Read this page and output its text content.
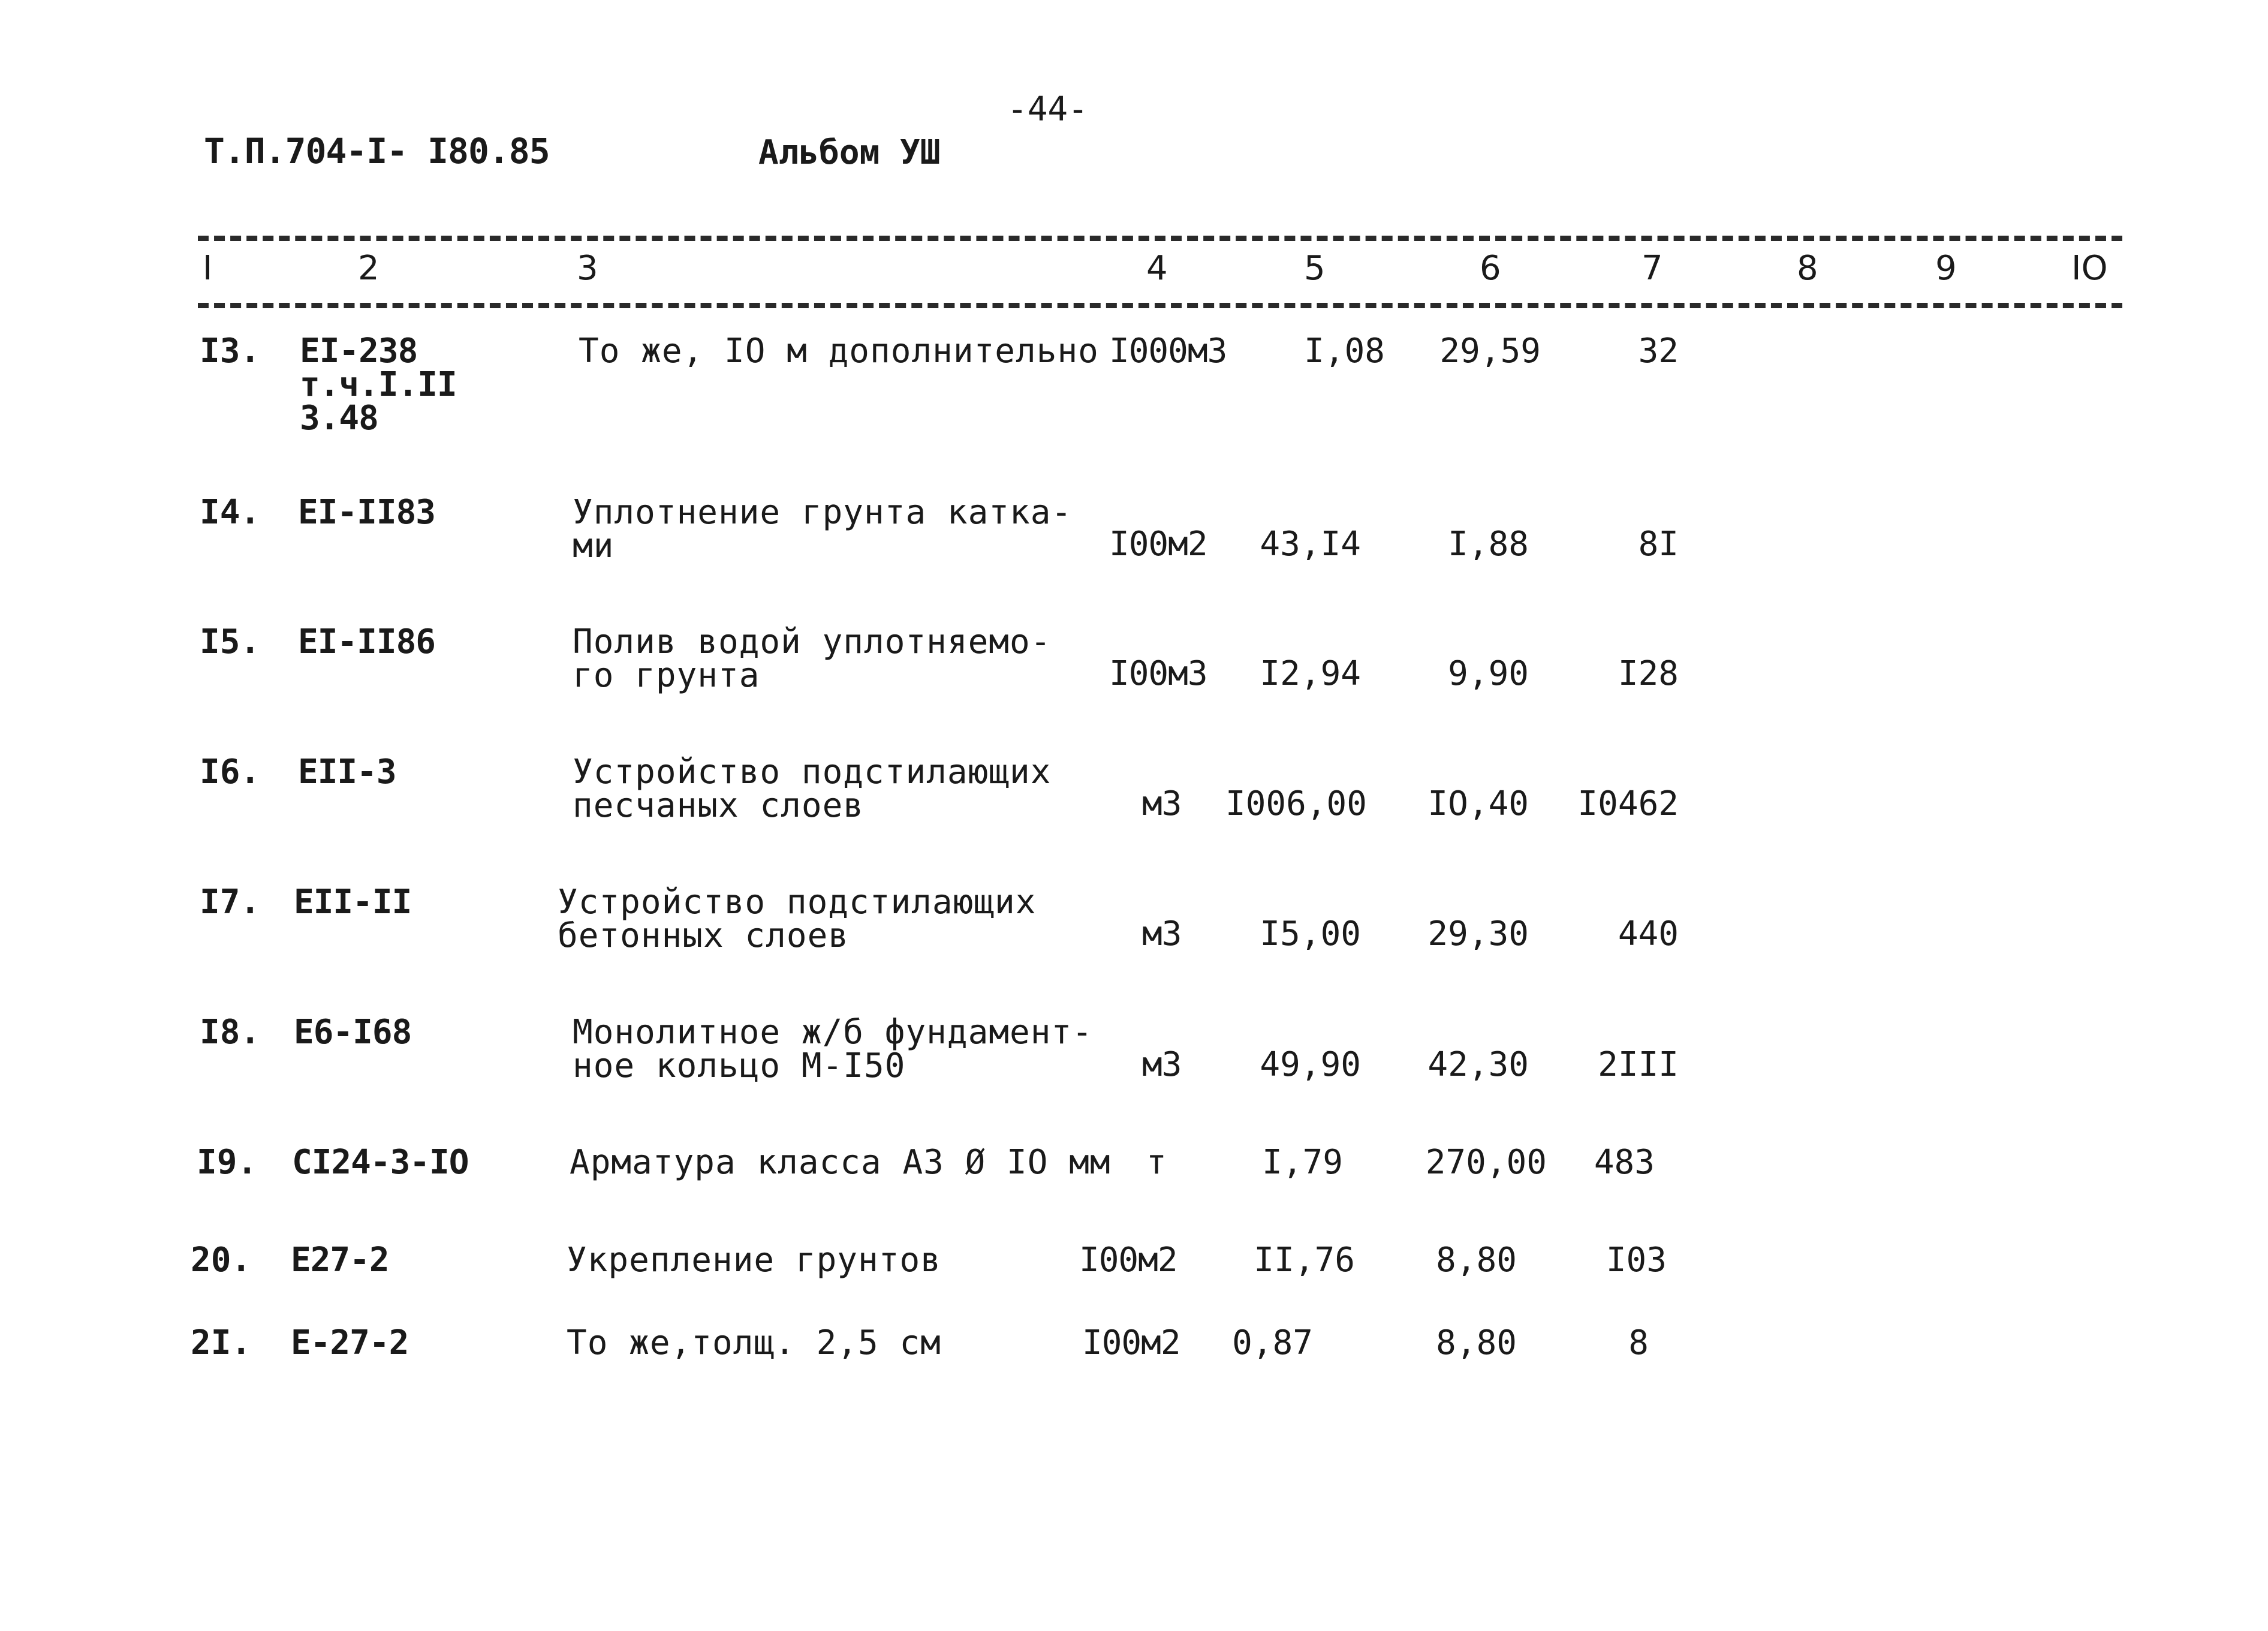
-44-
Т.П.704-I- I80.85	Альбом УШ
I	2	3	4	5	6	7	8	9	IO
I3. EI-238
т.ч.I.II
3.48
То же, IO м дополнительно I000м3	I,08	29,59	32
I4. EI-II83	Уплотнение грунта катка-
ми	I00м2	43,I4	I,88	8I
I5. EI-II86	Полив водой уплотняемо-
го грунта	I00м3	I2,94	9,90	I28
I6. EII-3	Устройство подстилающих
песчаных слоев	м3	I006,00	IO,40	I0462
I7. EII-II	Устройство подстилающих
бетонных слоев	м3	I5,00	29,30	440
I8. E6-I68	Монолитное ж/б фундамент-
ное кольцо М-I50	м3	49,90	42,30	2III
I9. CI24-3-IO	Арматура класса А3 Ø IO мм т	I,79	270,00	483
20. E27-2	Укрепление грунтов	I00м2	II,76	8,80	I03
2I. E-27-2	То же,толщ. 2,5 см	I00м2	0,87	8,80	8
